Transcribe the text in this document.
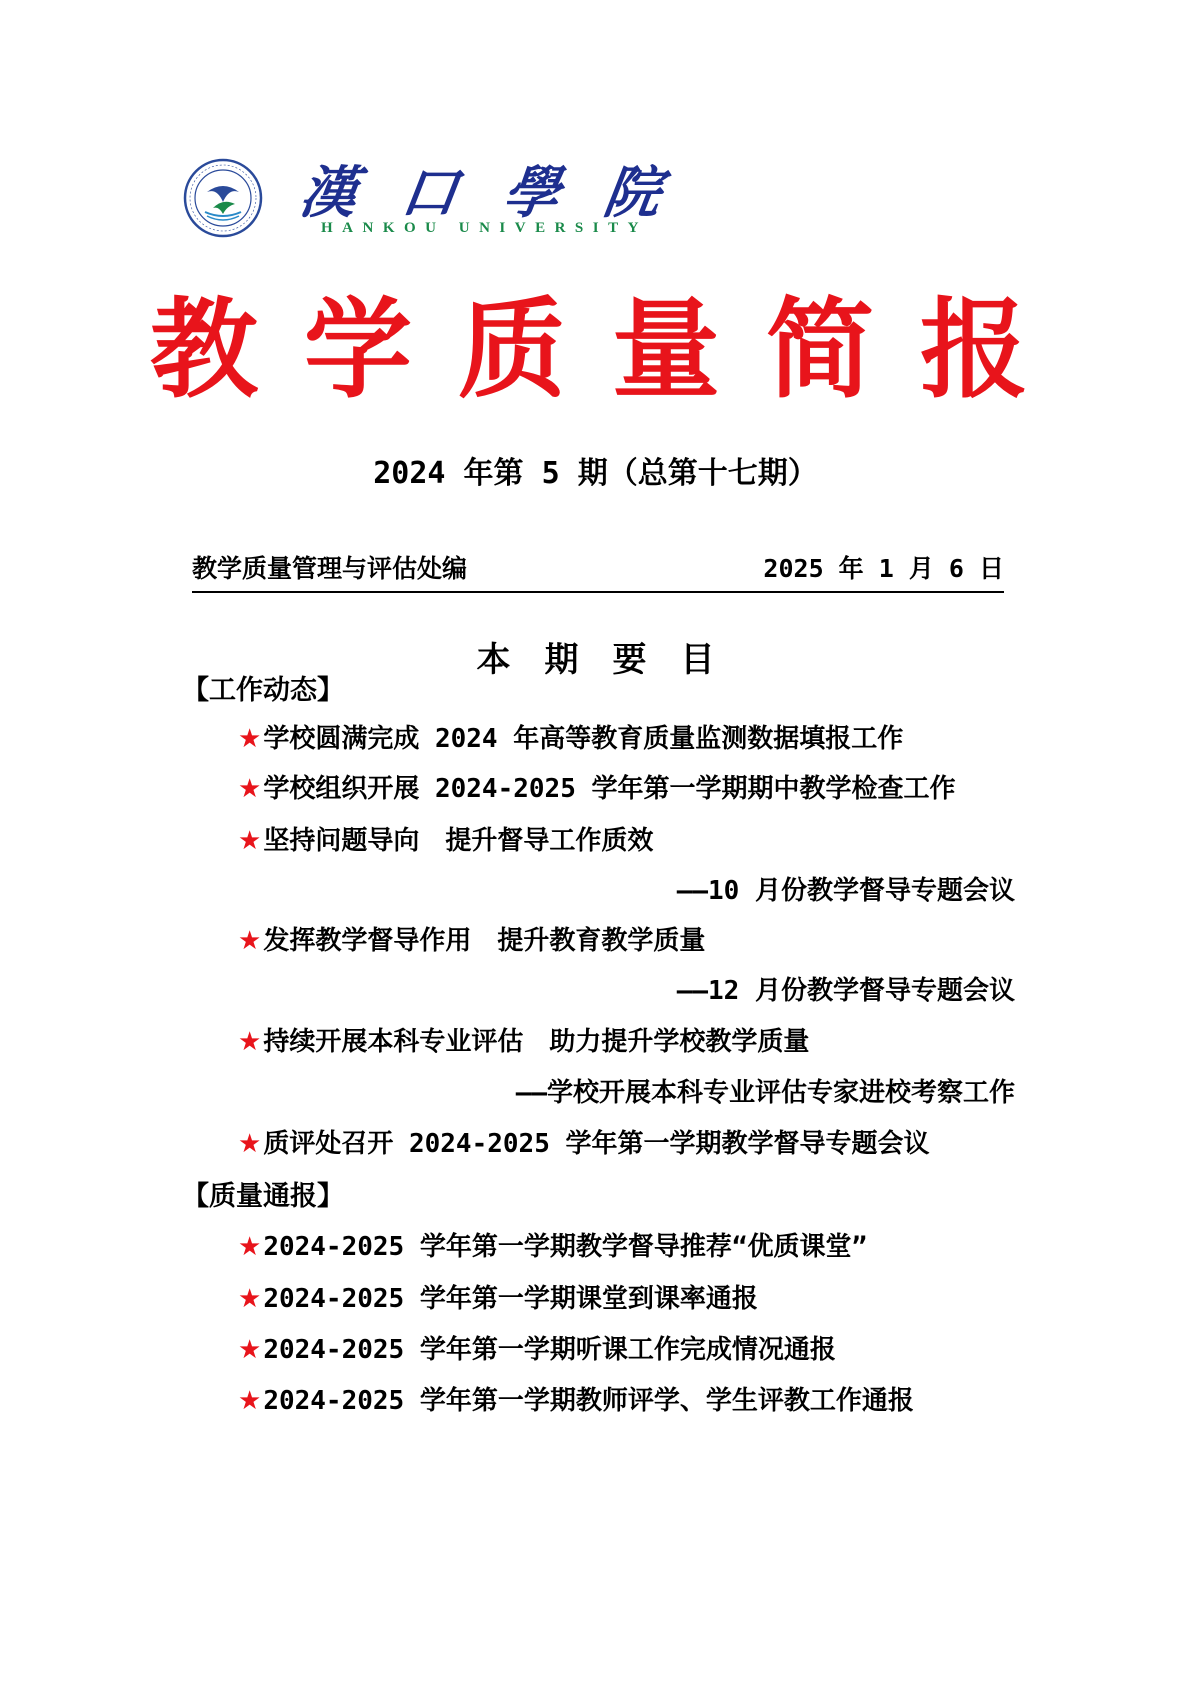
漢 口 學 院
HANKOU UNIVERSITY
教学质量简报
2024 年第 5 期（总第十七期）
教学质量管理与评估处编	2025 年 1 月 6 日
本期要目
【工作动态】
★学校圆满完成 2024 年高等教育质量监测数据填报工作
★学校组织开展 2024-2025 学年第一学期期中教学检查工作
★坚持问题导向　提升督导工作质效
——10 月份教学督导专题会议
★发挥教学督导作用　提升教育教学质量
——12 月份教学督导专题会议
★持续开展本科专业评估　助力提升学校教学质量
——学校开展本科专业评估专家进校考察工作
★质评处召开 2024-2025 学年第一学期教学督导专题会议
【质量通报】
★2024-2025 学年第一学期教学督导推荐“优质课堂”
★2024-2025 学年第一学期课堂到课率通报
★2024-2025 学年第一学期听课工作完成情况通报
★2024-2025 学年第一学期教师评学、学生评教工作通报
